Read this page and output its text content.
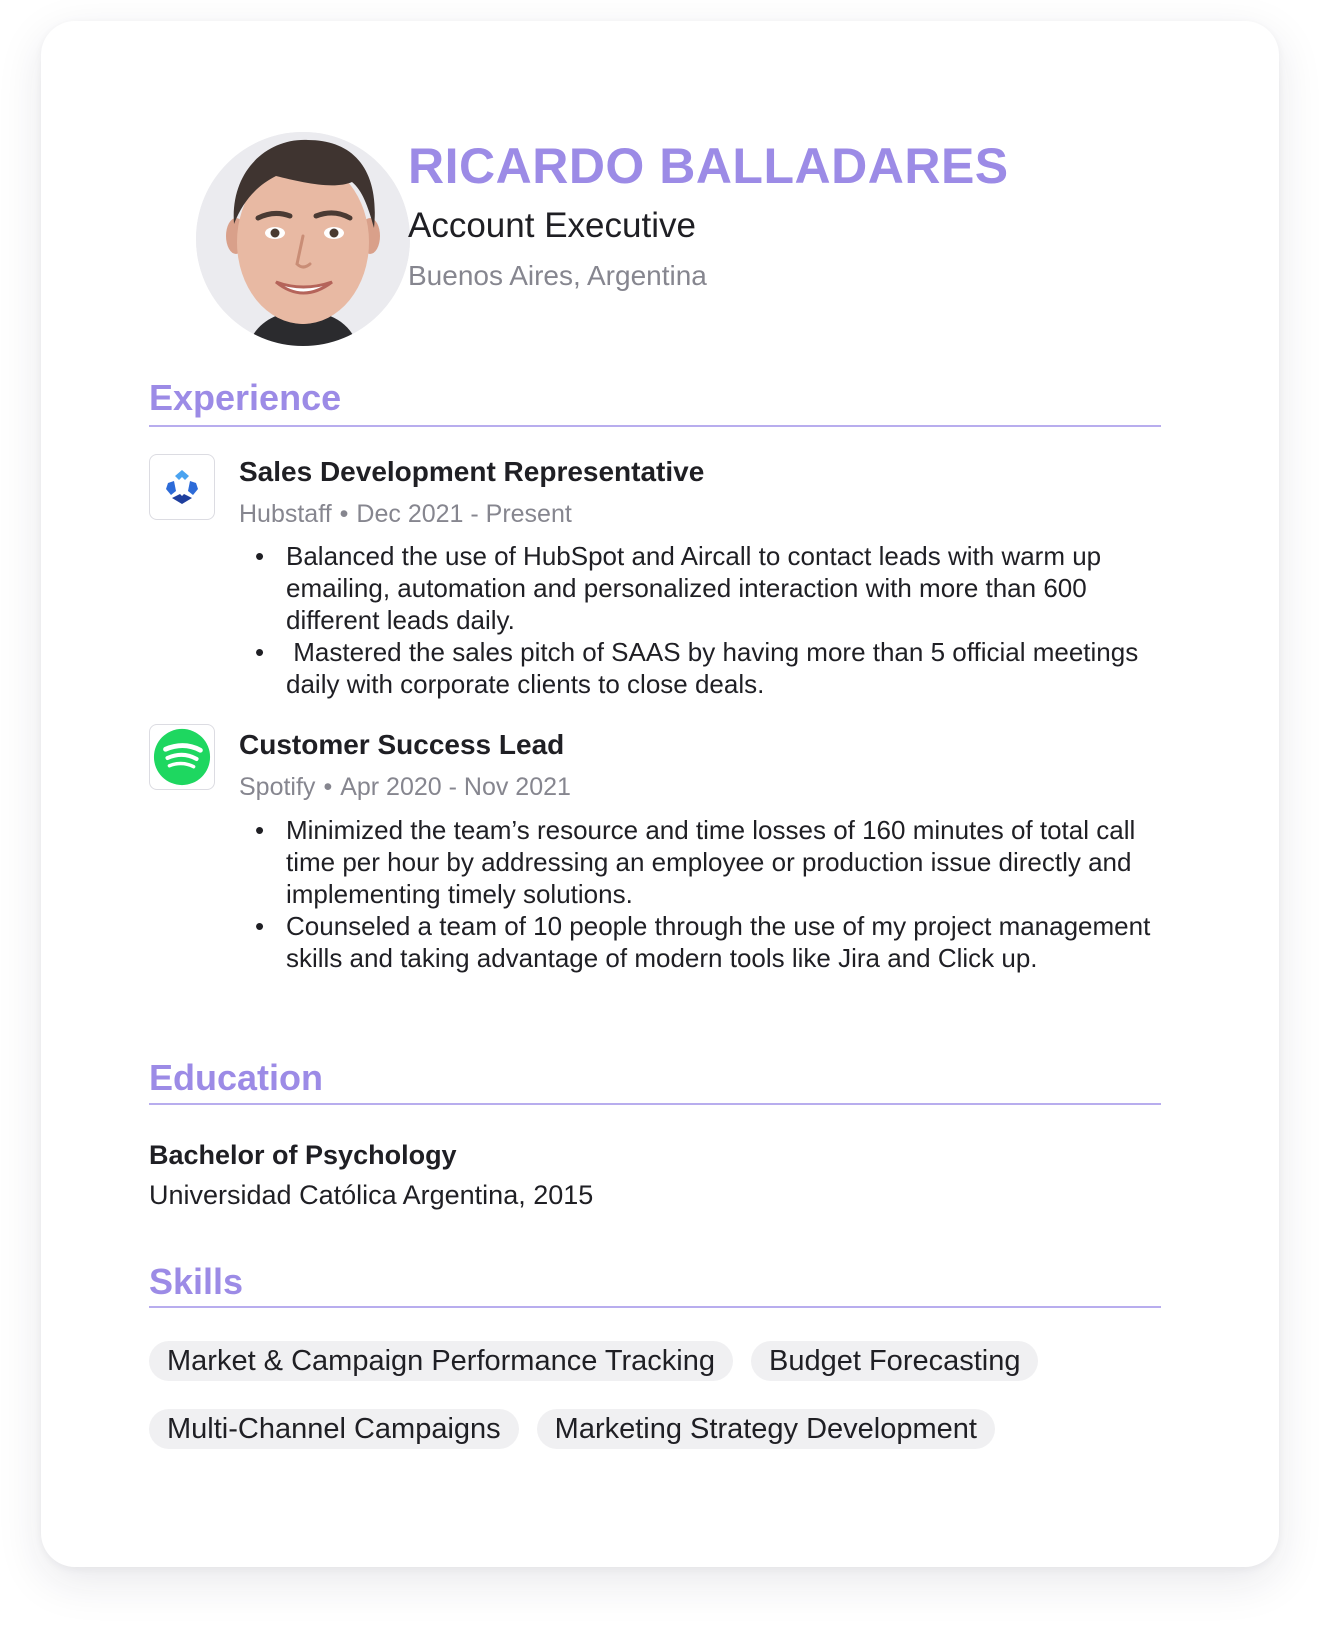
RICARDO BALLADARES
Account Executive
Buenos Aires, Argentina
Experience
Sales Development Representative
Hubstaff • Dec 2021 - Present
• Balanced the use of HubSpot and Aircall to contact leads with warm up emailing, automation and personalized interaction with more than 600 different leads daily.
•  Mastered the sales pitch of SAAS by having more than 5 official meetings daily with corporate clients to close deals.
Customer Success Lead
Spotify • Apr 2020 - Nov 2021
• Minimized the team’s resource and time losses of 160 minutes of total call time per hour by addressing an employee or production issue directly and implementing timely solutions.
• Counseled a team of 10 people through the use of my project management skills and taking advantage of modern tools like Jira and Click up.
Education
Bachelor of Psychology
Universidad Católica Argentina, 2015
Skills
Market & Campaign Performance Tracking	Budget Forecasting
Multi-Channel Campaigns	Marketing Strategy Development
